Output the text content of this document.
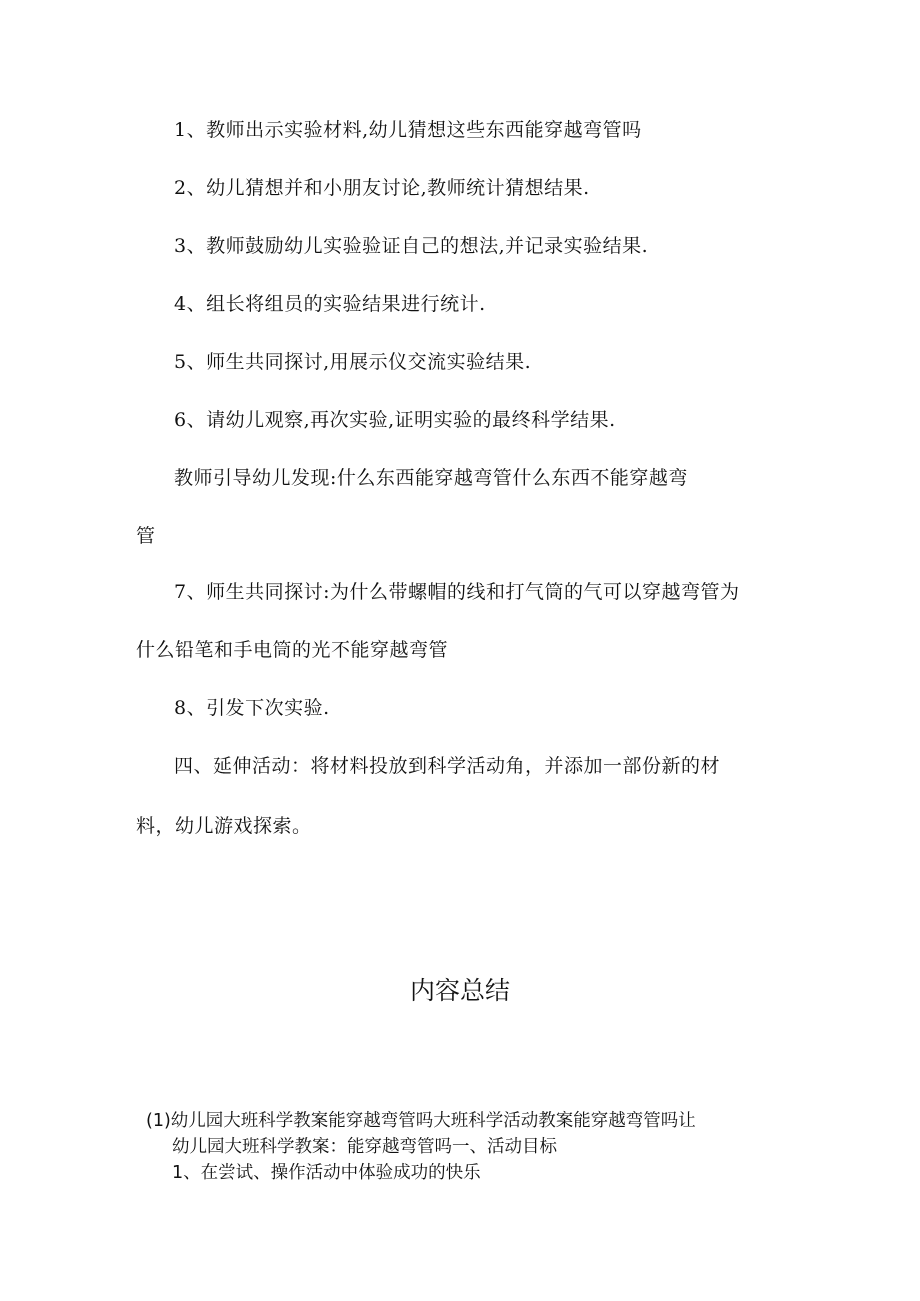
1、教师出示实验材料,幼儿猜想这些东西能穿越弯管吗
2、幼儿猜想并和小朋友讨论,教师统计猜想结果.
3、教师鼓励幼儿实验验证自己的想法,并记录实验结果.
4、组长将组员的实验结果进行统计.
5、师生共同探讨,用展示仪交流实验结果.
6、请幼儿观察,再次实验,证明实验的最终科学结果.
教师引导幼儿发现:什么东西能穿越弯管什么东西不能穿越弯
管
7、师生共同探讨:为什么带螺帽的线和打气筒的气可以穿越弯管为
什么铅笔和手电筒的光不能穿越弯管
8、引发下次实验.
四、延伸活动：将材料投放到科学活动角，并添加一部份新的材
料，幼儿游戏探索。
内容总结
(1)幼儿园大班科学教案能穿越弯管吗大班科学活动教案能穿越弯管吗让
幼儿园大班科学教案：能穿越弯管吗一、活动目标
1、在尝试、操作活动中体验成功的快乐
